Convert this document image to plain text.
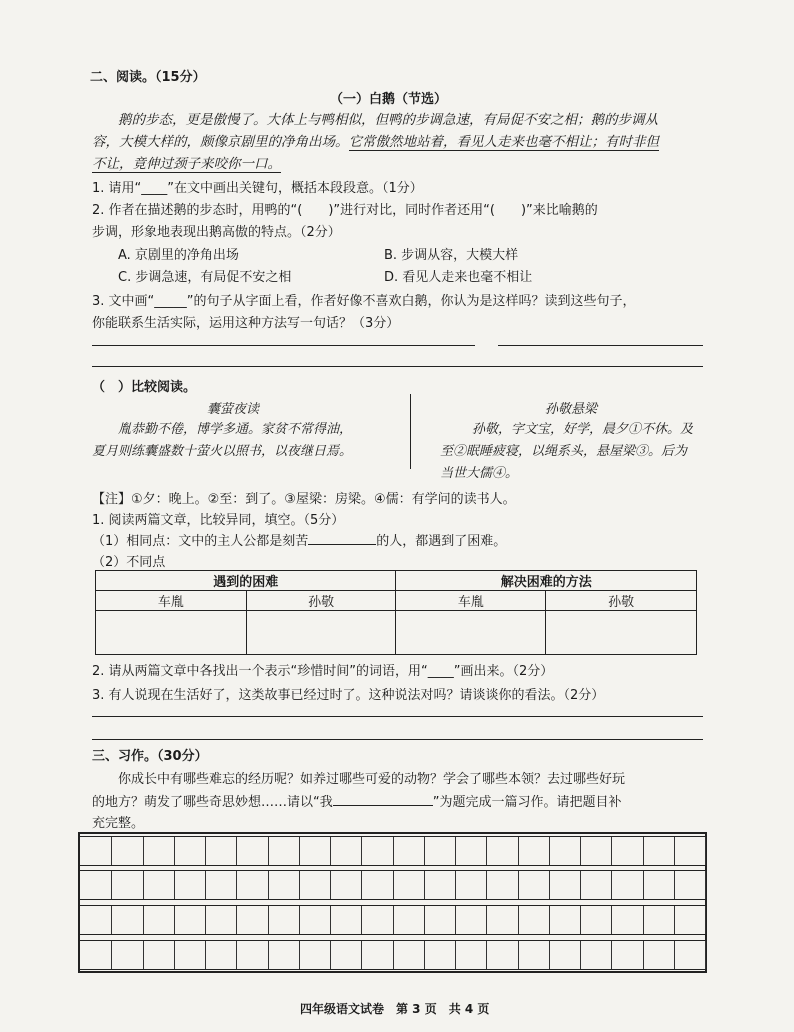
二、阅读。（15分）
（一）白鹅（节选）
鹅的步态，更是傲慢了。大体上与鸭相似，但鸭的步调急速，有局促不安之相；鹅的步调从
容，大模大样的，颇像京剧里的净角出场。它常傲然地站着，看见人走来也毫不相让；有时非但
不让，竟伸过颈子来咬你一口。
1. 请用“____”在文中画出关键句，概括本段段意。（1分）
2. 作者在描述鹅的步态时，用鸭的“(　　)”进行对比，同时作者还用“(　　)”来比喻鹅的
步调，形象地表现出鹅高傲的特点。（2分）
A. 京剧里的净角出场	B. 步调从容，大模大样
C. 步调急速，有局促不安之相	D. 看见人走来也毫不相让
3. 文中画“_____”的句子从字面上看，作者好像不喜欢白鹅，你认为是这样吗？读到这些句子，
你能联系生活实际，运用这种方法写一句话？（3分）
（　）比较阅读。
囊萤夜读
胤恭勤不倦，博学多通。家贫不常得油，
夏月则练囊盛数十萤火以照书，以夜继日焉。
孙敬悬梁
孙敬，字文宝，好学，晨夕①不休。及
至②眠睡疲寝，以绳系头，悬屋梁③。后为
当世大儒④。
【注】①夕：晚上。②至：到了。③屋梁：房梁。④儒：有学问的读书人。
1. 阅读两篇文章，比较异同，填空。（5分）
（1）相同点：文中的主人公都是刻苦	的人，都遇到了困难。
（2）不同点
遇到的困难		解决困难的方法	
车胤	孙敬	车胤	孙敬

2. 请从两篇文章中各找出一个表示“珍惜时间”的词语，用“____”画出来。（2分）
3. 有人说现在生活好了，这类故事已经过时了。这种说法对吗？请谈谈你的看法。（2分）
三、习作。（30分）
你成长中有哪些难忘的经历呢？如养过哪些可爱的动物？学会了哪些本领？去过哪些好玩
的地方？萌发了哪些奇思妙想……请以“我	”为题完成一篇习作。请把题目补
充完整。
四年级语文试卷　第 3 页　共 4 页
